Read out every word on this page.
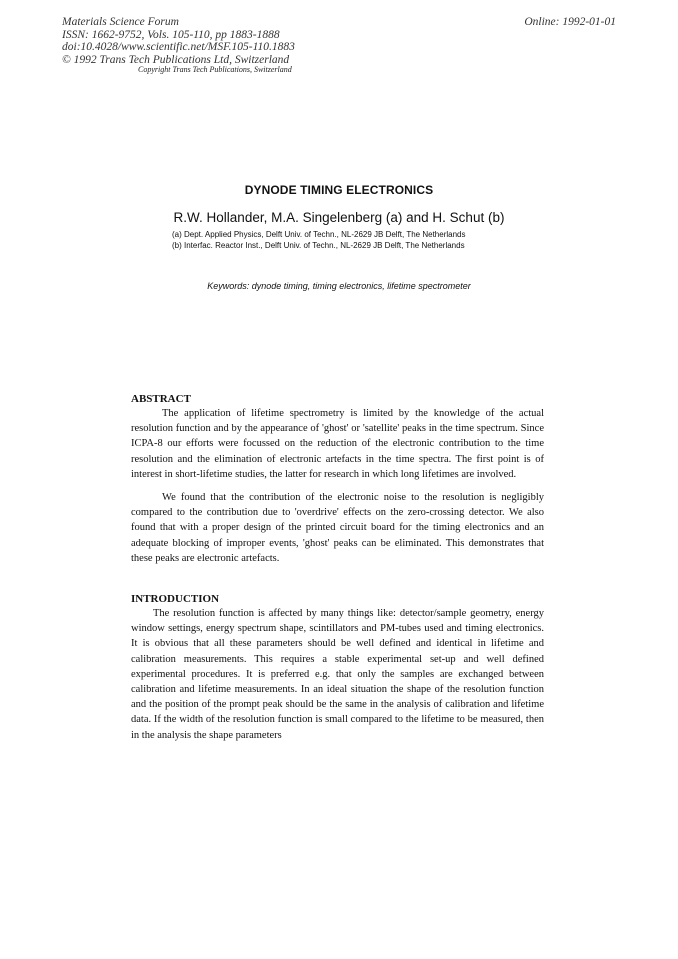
Materials Science Forum
ISSN: 1662-9752, Vols. 105-110, pp 1883-1888
doi:10.4028/www.scientific.net/MSF.105-110.1883
© 1992 Trans Tech Publications Ltd, Switzerland
Online: 1992-01-01
Copyright Trans Tech Publications, Switzerland
DYNODE TIMING ELECTRONICS
R.W. Hollander, M.A. Singelenberg (a) and H. Schut (b)
(a) Dept. Applied Physics, Delft Univ. of Techn., NL-2629 JB Delft, The Netherlands
(b) Interfac. Reactor Inst., Delft Univ. of Techn., NL-2629 JB Delft, The Netherlands
Keywords: dynode timing, timing electronics, lifetime spectrometer
ABSTRACT

The application of lifetime spectrometry is limited by the knowledge of the actual resolution function and by the appearance of 'ghost' or 'satellite' peaks in the time spectrum. Since ICPA-8 our efforts were focussed on the reduction of the electronic contribution to the time resolution and the elimination of electronic artefacts in the time spectra. The first point is of interest in short-lifetime studies, the latter for research in which long lifetimes are involved.

We found that the contribution of the electronic noise to the resolution is negligibly compared to the contribution due to 'overdrive' effects on the zero-crossing detector. We also found that with a proper design of the printed circuit board for the timing electronics and an adequate blocking of improper events, 'ghost' peaks can be eliminated. This demonstrates that these peaks are electronic artefacts.

INTRODUCTION

The resolution function is affected by many things like: detector/sample geometry, energy window settings, energy spectrum shape, scintillators and PM-tubes used and timing electronics. It is obvious that all these parameters should be well defined and identical in lifetime and calibration measurements. This requires a stable experimental set-up and well defined experimental procedures. It is preferred e.g. that only the samples are exchanged between calibration and lifetime measurements. In an ideal situation the shape of the resolution function and the position of the prompt peak should be the same in the analysis of calibration and lifetime data. If the width of the resolution function is small compared to the lifetime to be measured, then in the analysis the shape parameters
